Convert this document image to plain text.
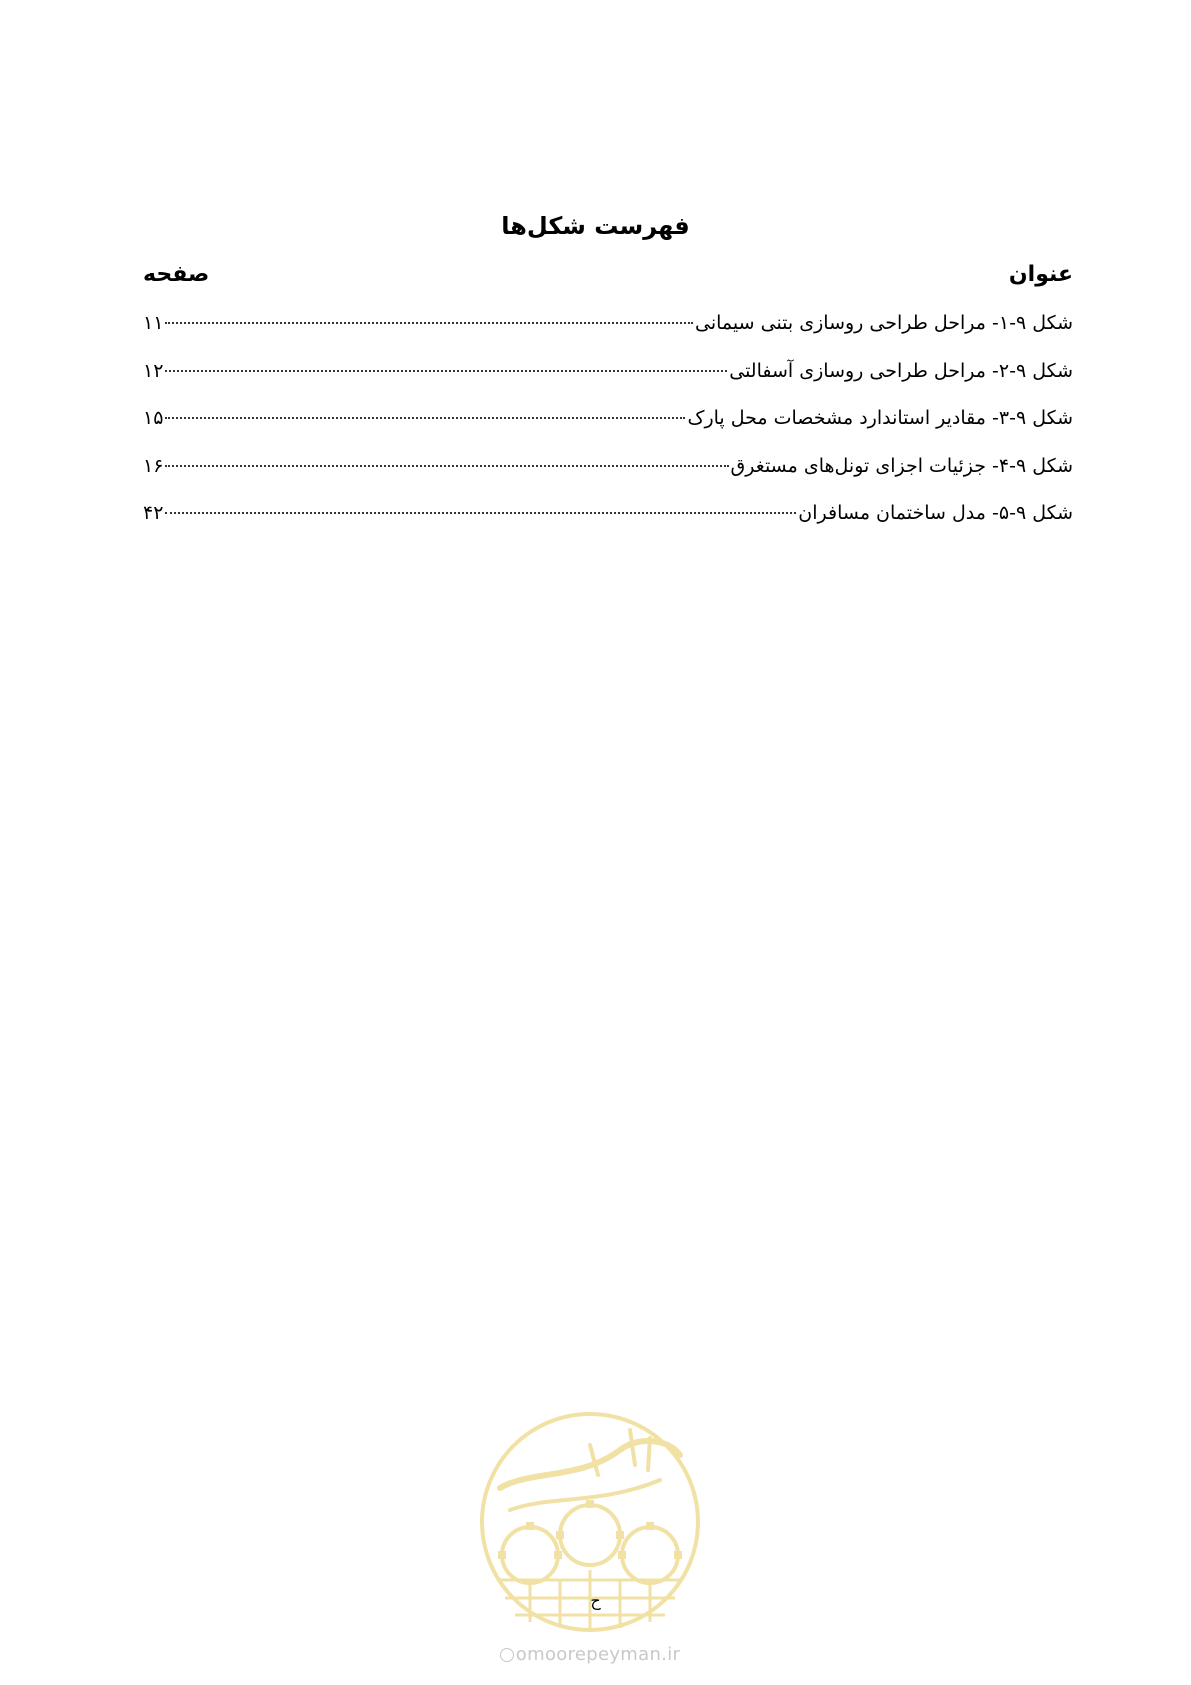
فهرست شکل‌ها
عنوان
صفحه
شکل ۹-۱- مراحل طراحی روسازی بتنی سیمانی
۱۱
شکل ۹-۲- مراحل طراحی روسازی آسفالتی
۱۲
شکل ۹-۳- مقادیر استاندارد مشخصات محل پارک
۱۵
شکل ۹-۴- جزئیات اجزای تونل‌های مستغرق
۱۶
شکل ۹-۵- مدل ساختمان مسافران
۴۲
ح
omoorepeyman.ir
